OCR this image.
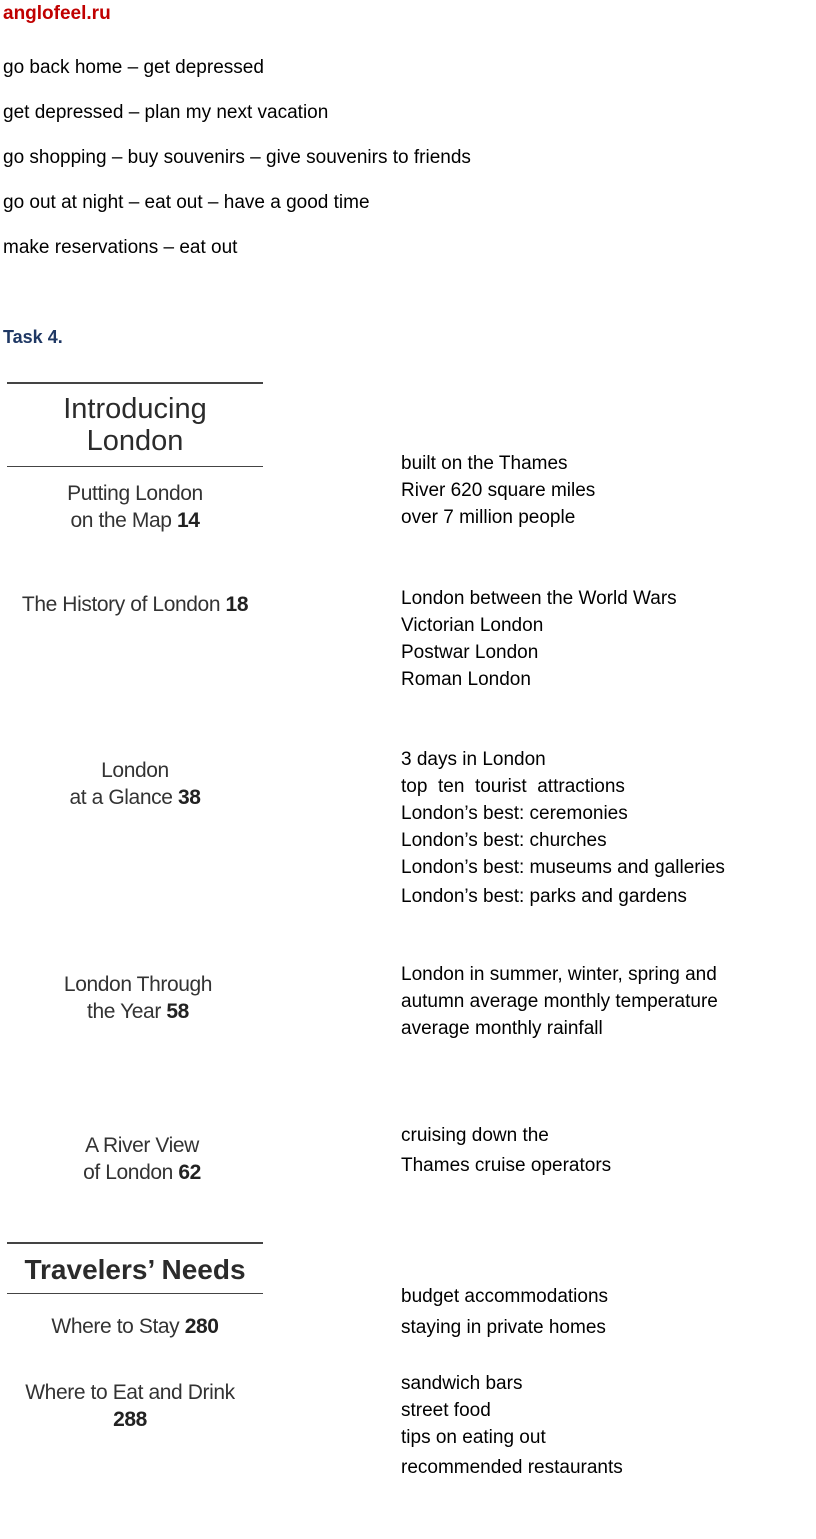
anglofeel.ru
go back home – get depressed
get depressed – plan my next vacation
go shopping – buy souvenirs – give souvenirs to friends
go out at night – eat out – have a good time
make reservations – eat out
Task 4.
Introducing
London
Putting London
on the Map 14
built on the Thames
River 620 square miles
over 7 million people
The History of London 18	London between the World Wars
Victorian London
Postwar London
Roman London
London
at a Glance 38
3 days in London
top  ten  tourist  attractions
London’s best: ceremonies
London’s best: churches
London’s best: museums and galleries
London’s best: parks and gardens
London Through
the Year 58
London in summer, winter, spring and
autumn average monthly temperature
average monthly rainfall
A River View
of London 62
cruising down the
Thames cruise operators
Travelers’ Needs
Where to Stay 280
budget accommodations
staying in private homes
Where to Eat and Drink
288
sandwich bars
street food
tips on eating out
recommended restaurants
